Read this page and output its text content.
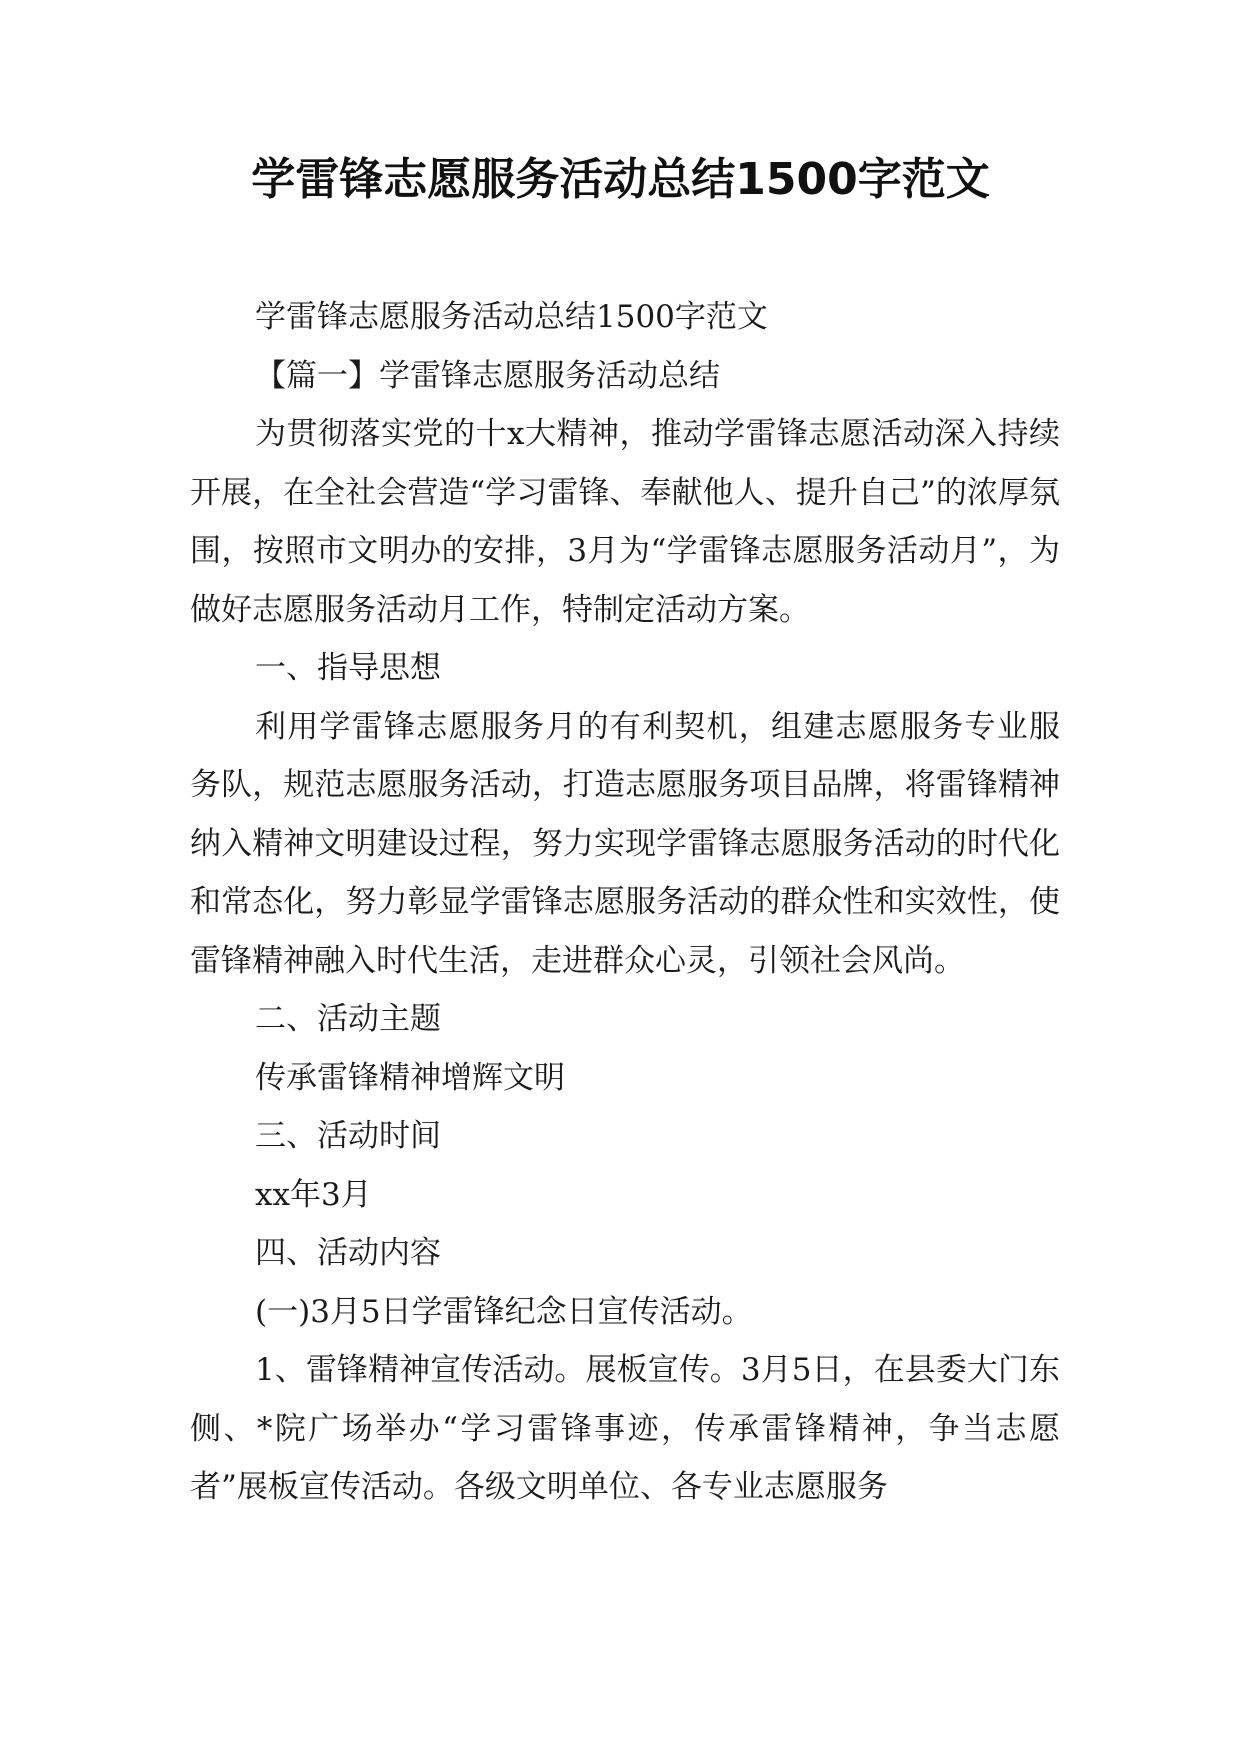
学雷锋志愿服务活动总结1500字范文

学雷锋志愿服务活动总结1500字范文

【篇一】学雷锋志愿服务活动总结

为贯彻落实党的十x大精神，推动学雷锋志愿活动深入持续开展，在全社会营造“学习雷锋、奉献他人、提升自己”的浓厚氛围，按照市文明办的安排，3月为“学雷锋志愿服务活动月”，为做好志愿服务活动月工作，特制定活动方案。

一、指导思想

利用学雷锋志愿服务月的有利契机，组建志愿服务专业服务队，规范志愿服务活动，打造志愿服务项目品牌，将雷锋精神纳入精神文明建设过程，努力实现学雷锋志愿服务活动的时代化和常态化，努力彰显学雷锋志愿服务活动的群众性和实效性，使雷锋精神融入时代生活，走进群众心灵，引领社会风尚。

二、活动主题

传承雷锋精神增辉文明

三、活动时间

xx年3月

四、活动内容

(一)3月5日学雷锋纪念日宣传活动。

1、雷锋精神宣传活动。展板宣传。3月5日，在县委大门东侧、*院广场举办“学习雷锋事迹，传承雷锋精神，争当志愿者”展板宣传活动。各级文明单位、各专业志愿服务
